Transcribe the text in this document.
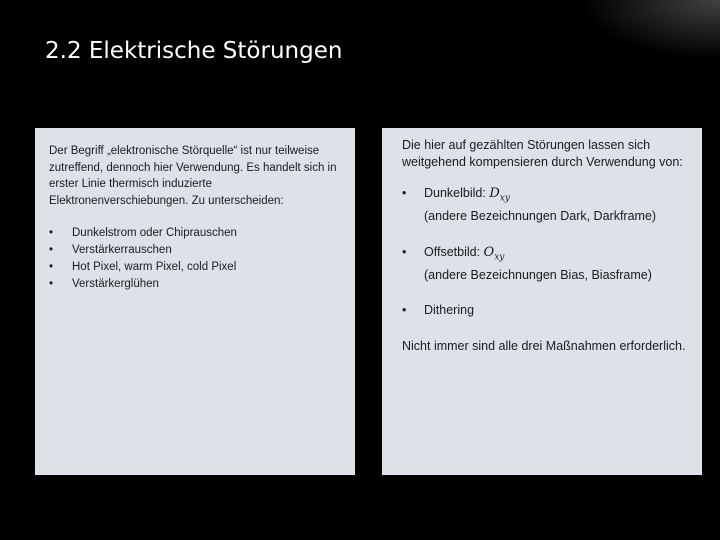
2.2 Elektrische Störungen

Der Begriff „elektronische Störquelle“ ist nur teilweise zutreffend, dennoch hier Verwendung. Es handelt sich in erster Linie thermisch induzierte Elektronenverschiebungen. Zu unterscheiden:

• Dunkelstrom oder Chiprauschen
• Verstärkerrauschen
• Hot Pixel, warm Pixel, cold Pixel
• Verstärkerglühen

Die hier auf gezählten Störungen lassen sich weitgehend kompensieren durch Verwendung von:

• Dunkelbild: $D_{xy}$
(andere Bezeichnungen Dark, Darkframe)
• Offsetbild: $O_{xy}$
(andere Bezeichnungen Bias, Biasframe)
• Dithering

Nicht immer sind alle drei Maßnahmen erforderlich.
